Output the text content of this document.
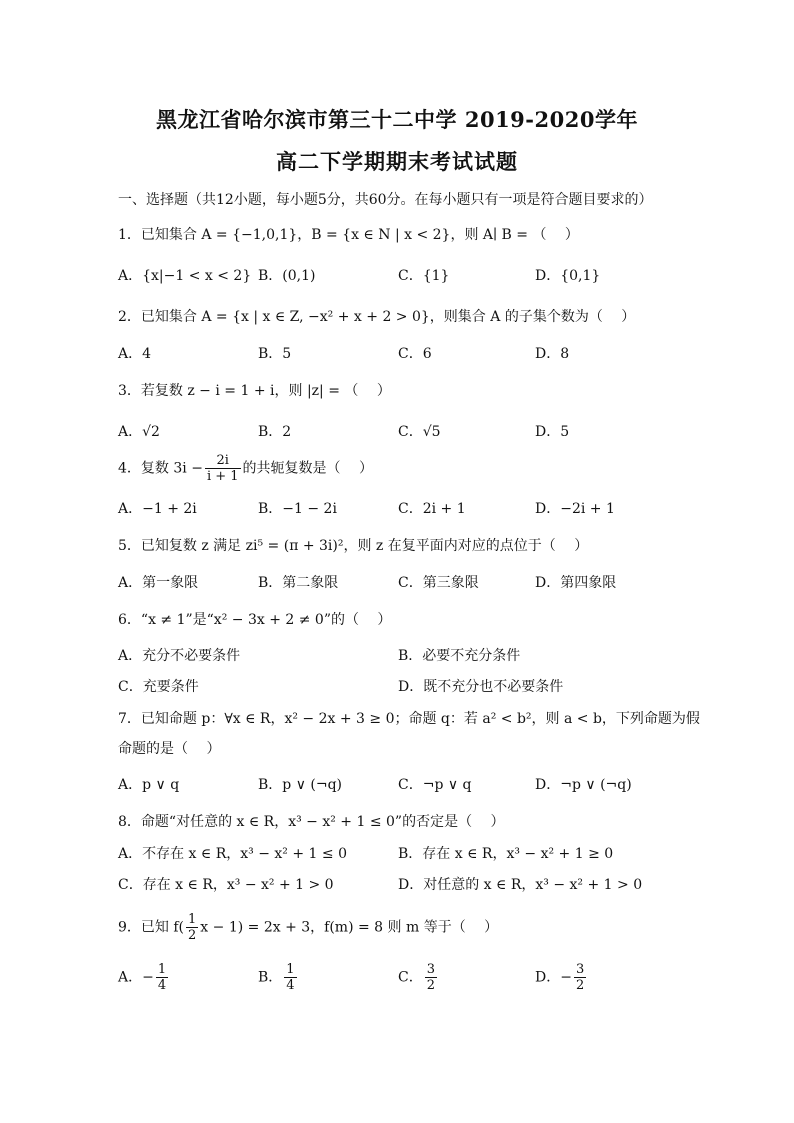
黑龙江省哈尔滨市第三十二中学 2019-2020学年
高二下学期期末考试试题
一、选择题（共12小题，每小题5分，共60分。在每小题只有一项是符合题目要求的）
1．已知集合 A = {−1,0,1}，B = {x ∈ N | x < 2}，则 A∣ B = （　 ）
A．{x|−1 < x < 2} B．(0,1)	C．{1}	D．{0,1}
2．已知集合 A = {x | x ∈ Z, −x² + x + 2 > 0}，则集合 A 的子集个数为（　 ）
A．4	B．5	C．6	D．8
3．若复数 z − i = 1 + i，则 |z| = （　 ）
A．√2	B．2	C．√5	D．5
4．复数 $3i - \frac{2i}{i + 1}$ 的共轭复数是（　 ）
A．−1 + 2i	B．−1 − 2i	C．2i + 1	D．−2i + 1
5．已知复数 z 满足 zi⁵ = (π + 3i)²，则 z 在复平面内对应的点位于（　 ）
A．第一象限	B．第二象限	C．第三象限	D．第四象限
6．“x ≠ 1”是“x² − 3x + 2 ≠ 0”的（　 ）
A．充分不必要条件	B．必要不充分条件
C．充要条件	D．既不充分也不必要条件
7．已知命题 p：∀x ∈ R，x² − 2x + 3 ≥ 0；命题 q：若 a² < b²，则 a < b，下列命题为假
命题的是（　 ）
A．p ∨ q	B．p ∨ (¬q)	C．¬p ∨ q	D．¬p ∨ (¬q)
8．命题“对任意的 x ∈ R，x³ − x² + 1 ≤ 0”的否定是（　 ）
A．不存在 x ∈ R，x³ − x² + 1 ≤ 0	B．存在 x ∈ R，x³ − x² + 1 ≥ 0
C．存在 x ∈ R，x³ − x² + 1 > 0	D．对任意的 x ∈ R，x³ − x² + 1 > 0
9．已知 $f( \frac{1}{2}$ x − 1) = 2x + 3，f(m) = 8 则 m 等于（　 ）
A．− $\frac{1}{4}$	B． $\frac{1}{4}$	C． $\frac{3}{2}$	D．− $\frac{3}{2}$
